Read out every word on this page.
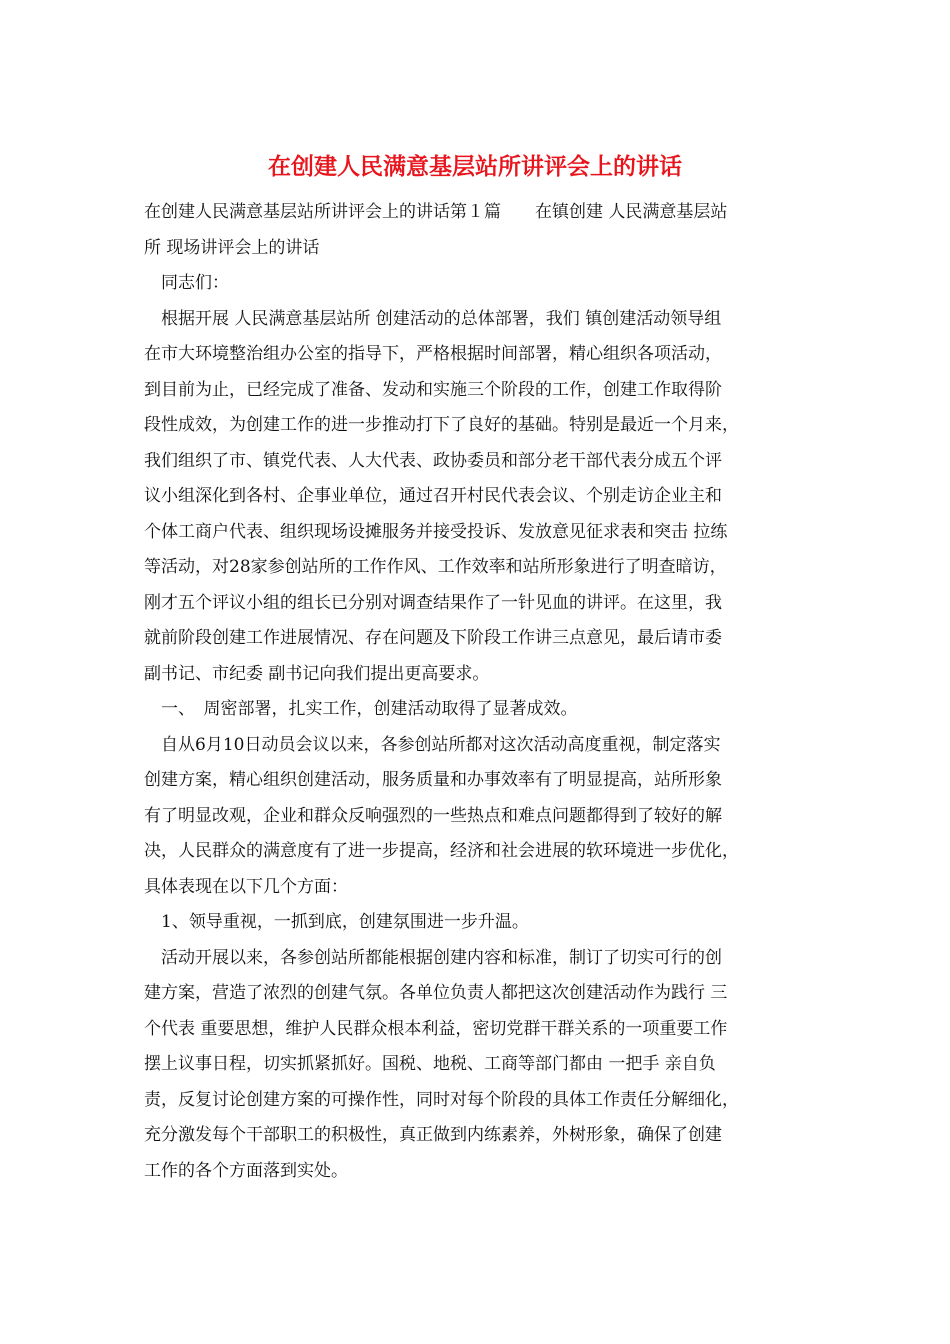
在创建人民满意基层站所讲评会上的讲话
在创建人民满意基层站所讲评会上的讲话第１篇　　在镇创建 人民满意基层站
所 现场讲评会上的讲话
　同志们：
　根据开展 人民满意基层站所 创建活动的总体部署，我们 镇创建活动领导组
在市大环境整治组办公室的指导下，严格根据时间部署，精心组织各项活动，
到目前为止，已经完成了准备、发动和实施三个阶段的工作，创建工作取得阶
段性成效，为创建工作的进一步推动打下了良好的基础。特别是最近一个月来，
我们组织了市、镇党代表、人大代表、政协委员和部分老干部代表分成五个评
议小组深化到各村、企事业单位，通过召开村民代表会议、个别走访企业主和
个体工商户代表、组织现场设摊服务并接受投诉、发放意见征求表和突击 拉练
等活动，对28家参创站所的工作作风、工作效率和站所形象进行了明查暗访，
刚才五个评议小组的组长已分别对调查结果作了一针见血的讲评。在这里，我
就前阶段创建工作进展情况、存在问题及下阶段工作讲三点意见，最后请市委
副书记、市纪委 副书记向我们提出更高要求。
　一、　周密部署，扎实工作，创建活动取得了显著成效。
　自从6月10日动员会议以来，各参创站所都对这次活动高度重视，制定落实
创建方案，精心组织创建活动，服务质量和办事效率有了明显提高，站所形象
有了明显改观，企业和群众反响强烈的一些热点和难点问题都得到了较好的解
决，人民群众的满意度有了进一步提高，经济和社会进展的软环境进一步优化，
具体表现在以下几个方面：
　1、领导重视，一抓到底，创建氛围进一步升温。
　活动开展以来，各参创站所都能根据创建内容和标准，制订了切实可行的创
建方案，营造了浓烈的创建气氛。各单位负责人都把这次创建活动作为践行 三
个代表 重要思想，维护人民群众根本利益，密切党群干群关系的一项重要工作
摆上议事日程，切实抓紧抓好。国税、地税、工商等部门都由 一把手 亲自负
责，反复讨论创建方案的可操作性，同时对每个阶段的具体工作责任分解细化，
充分激发每个干部职工的积极性，真正做到内练素养，外树形象，确保了创建
工作的各个方面落到实处。
